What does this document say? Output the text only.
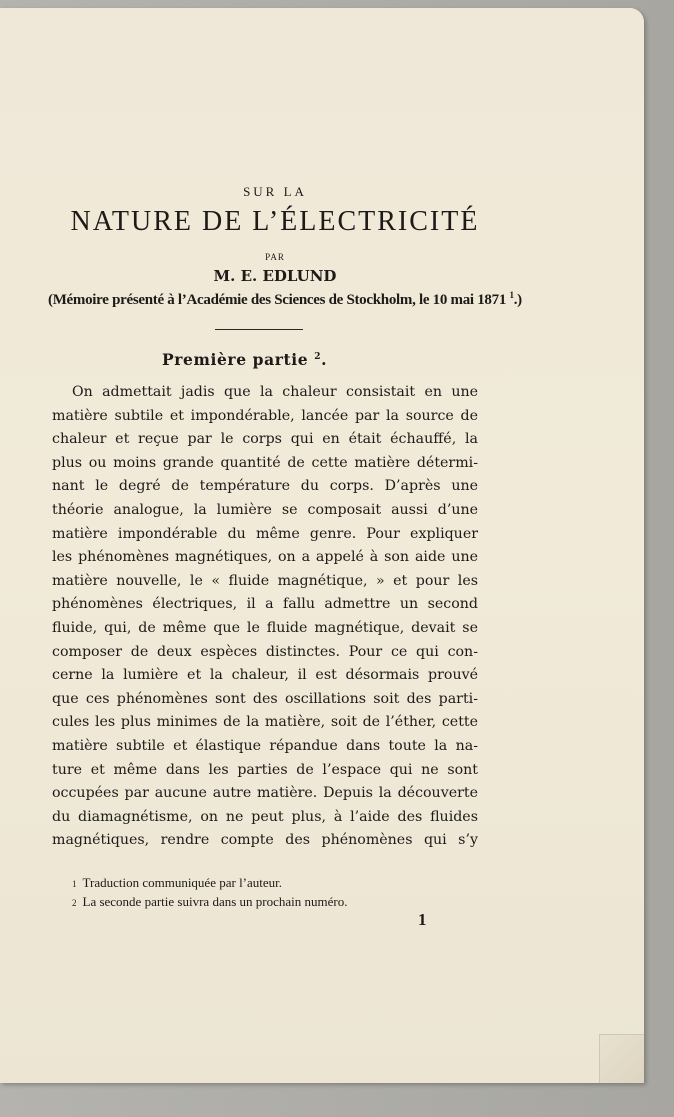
SUR LA
NATURE DE L’ÉLECTRICITÉ
PAR
M. E. EDLUND
(Mémoire présenté à l’Académie des Sciences de Stockholm, le 10 mai 1871 $^1$.)
Première partie $^2$.
On admettait jadis que la chaleur consistait en une
matière subtile et impondérable, lancée par la source de
chaleur et reçue par le corps qui en était échauffé, la
plus ou moins grande quantité de cette matière détermi-
nant le degré de température du corps. D’après une
théorie analogue, la lumière se composait aussi d’une
matière impondérable du même genre. Pour expliquer
les phénomènes magnétiques, on a appelé à son aide une
matière nouvelle, le « fluide magnétique, » et pour les
phénomènes électriques, il a fallu admettre un second
fluide, qui, de même que le fluide magnétique, devait se
composer de deux espèces distinctes. Pour ce qui con-
cerne la lumière et la chaleur, il est désormais prouvé
que ces phénomènes sont des oscillations soit des parti-
cules les plus minimes de la matière, soit de l’éther, cette
matière subtile et élastique répandue dans toute la na-
ture et même dans les parties de l’espace qui ne sont
occupées par aucune autre matière. Depuis la découverte
du diamagnétisme, on ne peut plus, à l’aide des fluides
magnétiques, rendre compte des phénomènes qui s’y
1 Traduction communiquée par l’auteur.
2 La seconde partie suivra dans un prochain numéro.
1
